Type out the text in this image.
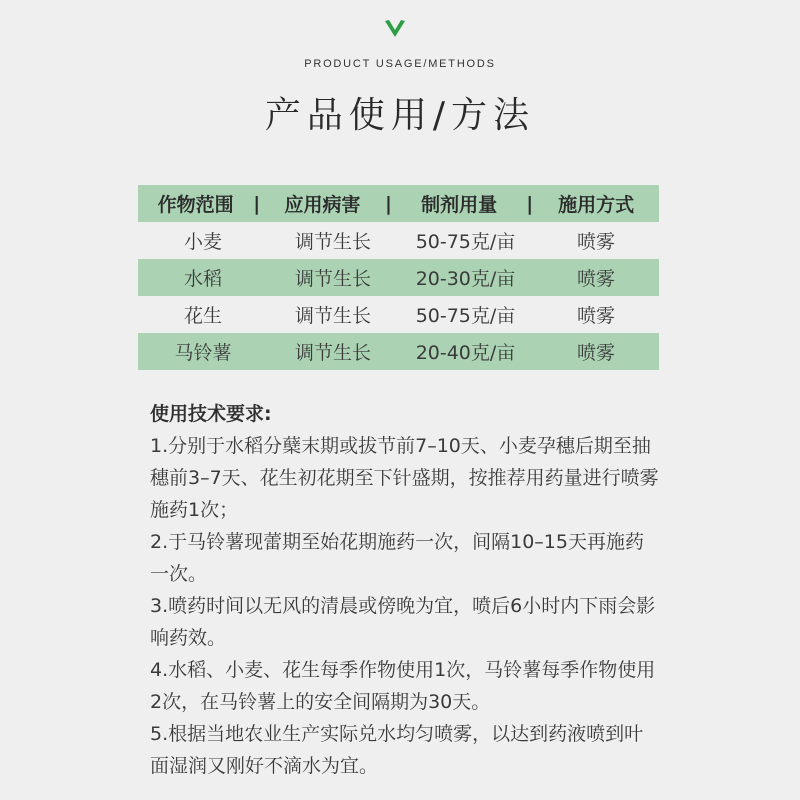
PRODUCT USAGE/METHODS
产品使用/方法
作物范围	|	应用病害	|	制剂用量	|	施用方式
小麦	调节生长	50-75克/亩	喷雾
水稻	调节生长	20-30克/亩	喷雾
花生	调节生长	50-75克/亩	喷雾
马铃薯	调节生长	20-40克/亩	喷雾

使用技术要求:

1.分别于水稻分蘖末期或拔节前7–10天、小麦孕穗后期至抽穗前3–7天、花生初花期至下针盛期，按推荐用药量进行喷雾施药1次；

2.于马铃薯现蕾期至始花期施药一次，间隔10–15天再施药一次。

3.喷药时间以无风的清晨或傍晚为宜，喷后6小时内下雨会影响药效。

4.水稻、小麦、花生每季作物使用1次，马铃薯每季作物使用2次，在马铃薯上的安全间隔期为30天。

5.根据当地农业生产实际兑水均匀喷雾，以达到药液喷到叶面湿润又刚好不滴水为宜。
